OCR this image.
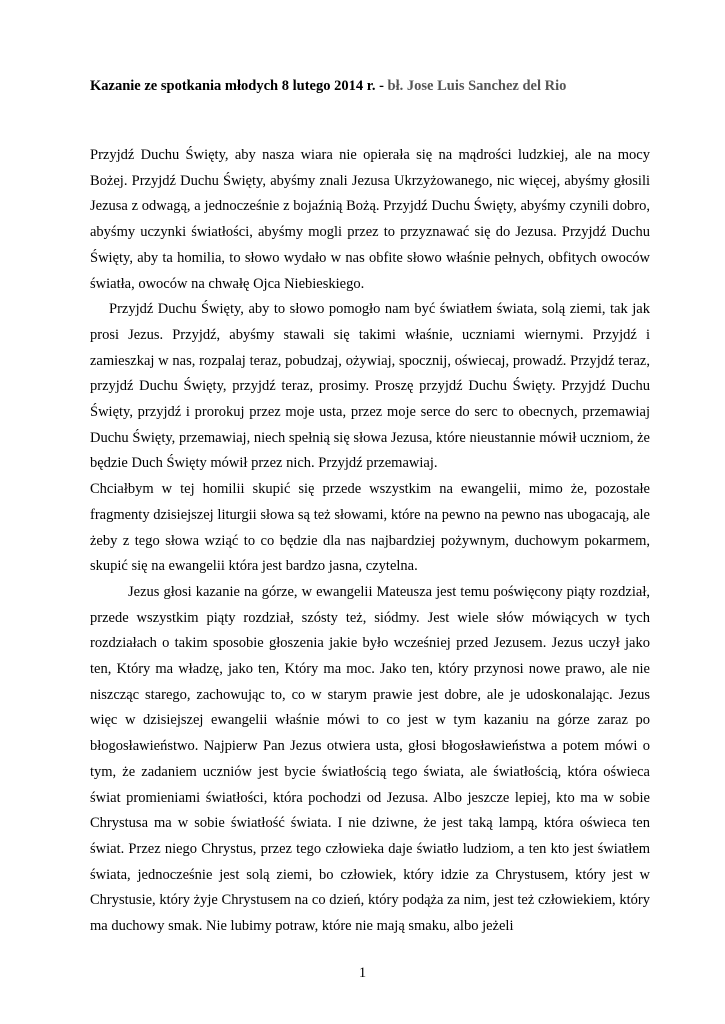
Kazanie ze spotkania młodych 8 lutego 2014 r. - bł. Jose Luis Sanchez del Rio

Przyjdź Duchu Święty, aby nasza wiara nie opierała się na mądrości ludzkiej, ale na mocy Bożej. Przyjdź Duchu Święty, abyśmy znali Jezusa Ukrzyżowanego, nic więcej, abyśmy głosili Jezusa z odwagą, a jednocześnie z bojaźnią Bożą. Przyjdź Duchu Święty, abyśmy czynili dobro, abyśmy uczynki światłości, abyśmy mogli przez to przyznawać się do Jezusa. Przyjdź Duchu Święty, aby ta homilia, to słowo wydało w nas obfite słowo właśnie pełnych, obfitych owoców światła, owoców na chwałę Ojca Niebieskiego.

Przyjdź Duchu Święty, aby to słowo pomogło nam być światłem świata, solą ziemi, tak jak prosi Jezus. Przyjdź, abyśmy stawali się takimi właśnie, uczniami wiernymi. Przyjdź i zamieszkaj w nas, rozpalaj teraz, pobudzaj, ożywiaj, spocznij, oświecaj, prowadź. Przyjdź teraz, przyjdź Duchu Święty, przyjdź teraz, prosimy. Proszę przyjdź Duchu Święty. Przyjdź Duchu Święty, przyjdź i prorokuj przez moje usta, przez moje serce do serc to obecnych, przemawiaj Duchu Święty, przemawiaj, niech spełnią się słowa Jezusa, które nieustannie mówił uczniom, że będzie Duch Święty mówił przez nich. Przyjdź przemawiaj.

Chciałbym w tej homilii skupić się przede wszystkim na ewangelii, mimo że, pozostałe fragmenty dzisiejszej liturgii słowa są też słowami, które na pewno na pewno nas ubogacają, ale żeby z tego słowa wziąć to co będzie dla nas najbardziej pożywnym, duchowym pokarmem, skupić się na ewangelii która jest bardzo jasna, czytelna.

Jezus głosi kazanie na górze, w ewangelii Mateusza jest temu poświęcony piąty rozdział, przede wszystkim piąty rozdział, szósty też, siódmy. Jest wiele słów mówiących w tych rozdziałach o takim sposobie głoszenia jakie było wcześniej przed Jezusem. Jezus uczył jako ten, Który ma władzę, jako ten, Który ma moc. Jako ten, który przynosi nowe prawo, ale nie niszcząc starego, zachowując to, co w starym prawie jest dobre, ale je udoskonalając. Jezus więc w dzisiejszej ewangelii właśnie mówi to co jest w tym kazaniu na górze zaraz po błogosławieństwo. Najpierw Pan Jezus otwiera usta, głosi błogosławieństwa a potem mówi o tym, że zadaniem uczniów jest bycie światłością tego świata, ale światłością, która oświeca świat promieniami światłości, która pochodzi od Jezusa. Albo jeszcze lepiej, kto ma w sobie Chrystusa ma w sobie światłość świata. I nie dziwne, że jest taką lampą, która oświeca ten świat. Przez niego Chrystus, przez tego człowieka daje światło ludziom, a ten kto jest światłem świata, jednocześnie jest solą ziemi, bo człowiek, który idzie za Chrystusem, który jest w Chrystusie, który żyje Chrystusem na co dzień, który podąża za nim, jest też człowiekiem, który ma duchowy smak. Nie lubimy potraw, które nie mają smaku, albo jeżeli

1
